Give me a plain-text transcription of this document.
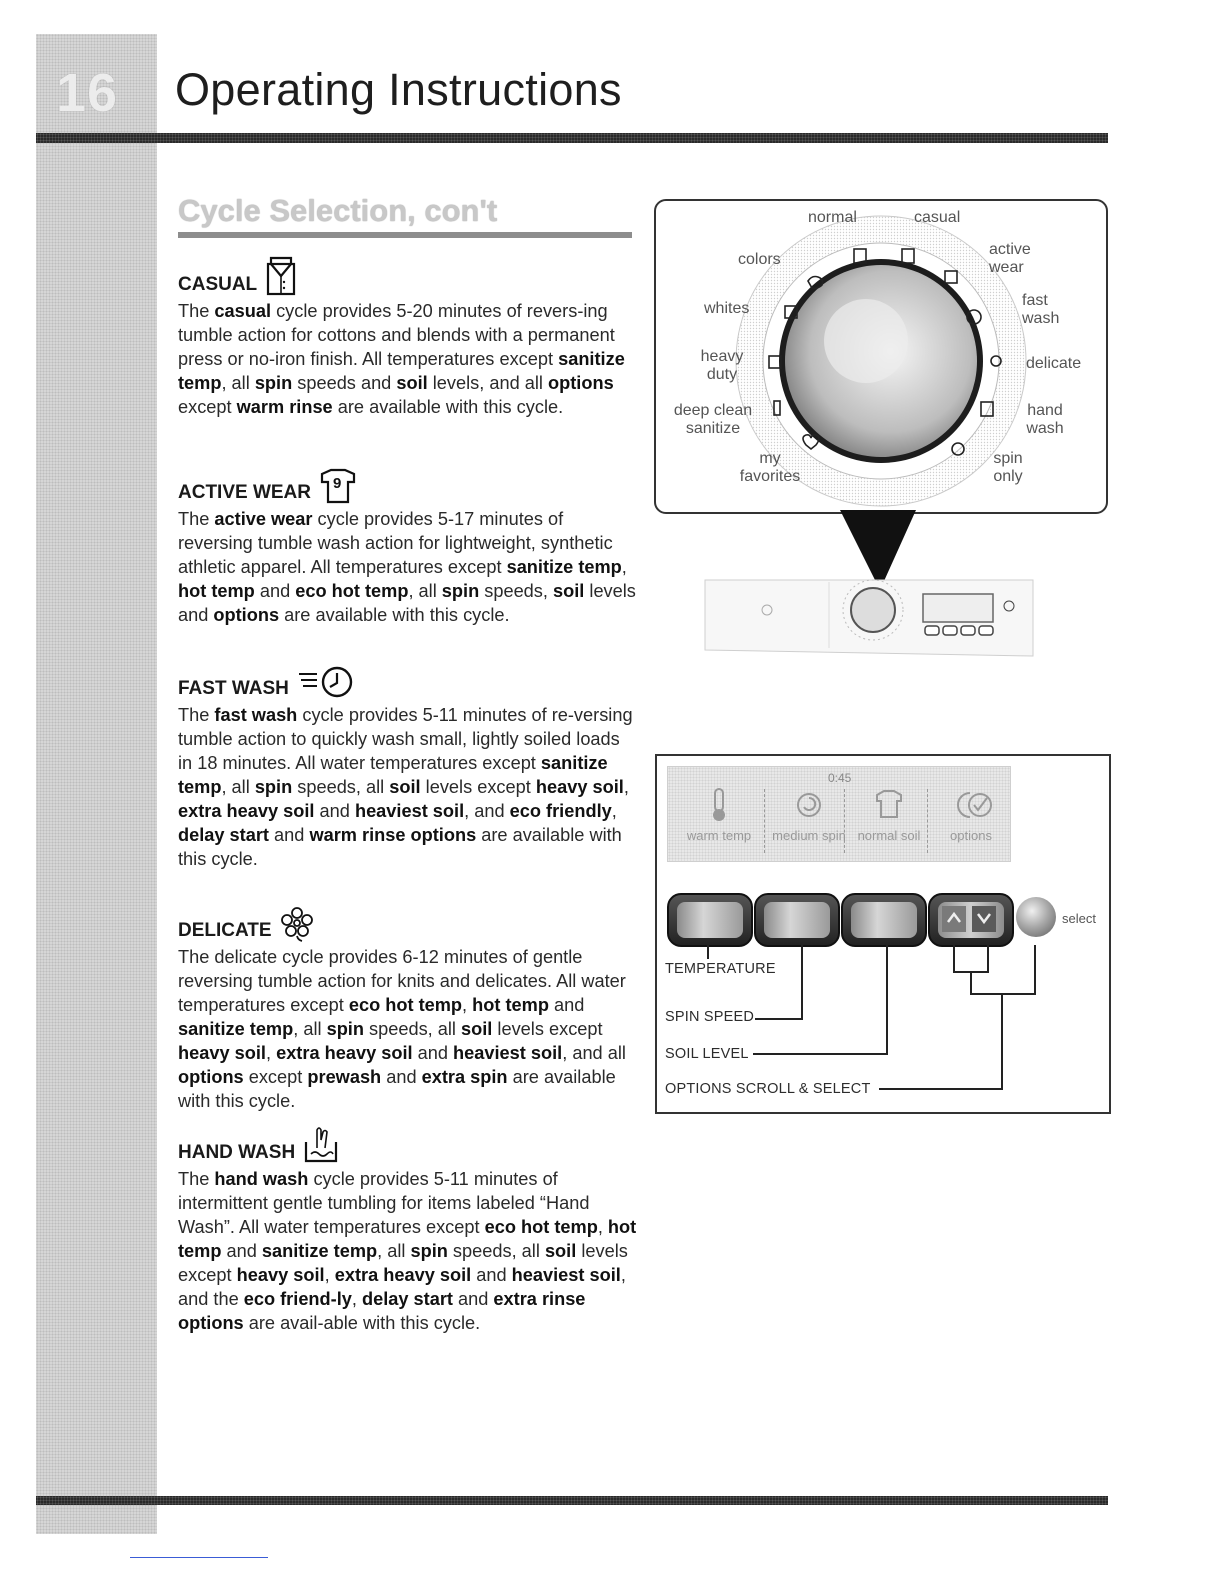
16	Operating Instructions
Cycle Selection, con't
CASUAL

The casual cycle provides 5-20 minutes of revers-ing tumble action for cottons and blends with a permanent press or no-iron finish. All temperatures except sanitize temp, all spin speeds and soil levels, and all options except warm rinse are available with this cycle.

ACTIVE WEAR 9

The active wear cycle provides 5-17 minutes of reversing tumble wash action for lightweight, synthetic athletic apparel. All temperatures except sanitize temp, hot temp and eco hot temp, all spin speeds, soil levels and options are available with this cycle.

FAST WASH

The fast wash cycle provides 5-11 minutes of re-versing tumble action to quickly wash small, lightly soiled loads in 18 minutes. All water temperatures except sanitize temp, all spin speeds, all soil levels except heavy soil, extra heavy soil and heaviest soil, and eco friendly, delay start and warm rinse options are available with this cycle.

DELICATE

The delicate cycle provides 6-12 minutes of gentle reversing tumble action for knits and delicates. All water temperatures except eco hot temp, hot temp and sanitize temp, all spin speeds, all soil levels except heavy soil, extra heavy soil and heaviest soil, and all options except prewash and extra spin are available with this cycle.

HAND WASH

The hand wash cycle provides 5-11 minutes of intermittent gentle tumbling for items labeled “Hand Wash”. All water temperatures except eco hot temp, hot temp and sanitize temp, all spin speeds, all soil levels except heavy soil, extra heavy soil and heaviest soil, and the eco friend-ly, delay start and extra rinse options are avail-able with this cycle.

normal	casual
colors
active wear
whites	fast wash
heavy duty
delicate
deep clean sanitize
hand wash
my favorites
spin only
0:45
warm temp	medium spin normal soil	options
select
TEMPERATURE
SPIN SPEED
SOIL LEVEL
OPTIONS SCROLL & SELECT
